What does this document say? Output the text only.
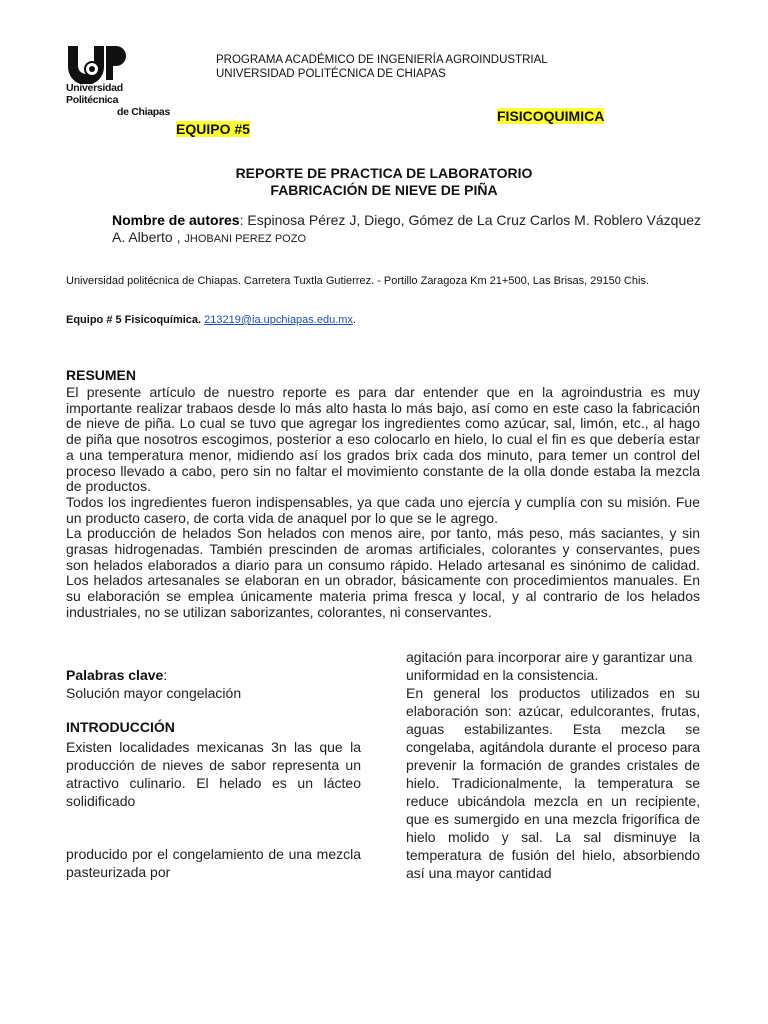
Universidad Politécnica
de Chiapas
PROGRAMA ACADÉMICO DE INGENIERÍA AGROINDUSTRIAL
UNIVERSIDAD POLITÉCNICA DE CHIAPAS
EQUIPO #5
FISICOQUIMICA
REPORTE DE PRACTICA DE LABORATORIO
FABRICACIÓN DE NIEVE DE PIÑA
Nombre de autores: Espinosa Pérez J, Diego, Gómez de La Cruz Carlos M. Roblero Vázquez A. Alberto , JHOBANI PEREZ POZO
Universidad politécnica de Chiapas. Carretera Tuxtla Gutierrez. - Portillo Zaragoza Km 21+500, Las Brisas, 29150 Chis.
Equipo # 5 Fisicoquímica. 213219@ia.upchiapas.edu.mx.
RESUMEN

El presente artículo de nuestro reporte es para dar entender que en la agroindustria es muy importante realizar trabaos desde lo más alto hasta lo más bajo, así como en este caso la fabricación de nieve de piña. Lo cual se tuvo que agregar los ingredientes como azúcar, sal, limón, etc., al hago de piña que nosotros escogimos, posterior a eso colocarlo en hielo, lo cual el fin es que debería estar a una temperatura menor, midiendo así los grados brix cada dos minuto, para temer un control del proceso llevado a cabo, pero sin no faltar el movimiento constante de la olla donde estaba la mezcla de productos.

Todos los ingredientes fueron indispensables, ya que cada uno ejercía y cumplía con su misión. Fue un producto casero, de corta vida de anaquel por lo que se le agrego.

La producción de helados Son helados con menos aire, por tanto, más peso, más saciantes, y sin grasas hidrogenadas. También prescinden de aromas artificiales, colorantes y conservantes, pues son helados elaborados a diario para un consumo rápido. Helado artesanal es sinónimo de calidad. Los helados artesanales se elaboran en un obrador, básicamente con procedimientos manuales. En su elaboración se emplea únicamente materia prima fresca y local, y al contrario de los helados industriales, no se utilizan saborizantes, colorantes, ni conservantes.

Palabras clave:
Solución mayor congelación
INTRODUCCIÓN

Existen localidades mexicanas 3n las que la producción de nieves de sabor representa un atractivo culinario. El helado es un lácteo solidificado

producido por el congelamiento de una mezcla pasteurizada por

agitación para incorporar aire y garantizar una

uniformidad en la consistencia.

En general los productos utilizados en su elaboración son: azúcar, edulcorantes, frutas, aguas estabilizantes. Esta mezcla se congelaba, agitándola durante el proceso para prevenir la formación de grandes cristales de hielo. Tradicionalmente, la temperatura se reduce ubicándola mezcla en un recipiente, que es sumergido en una mezcla frigorífica de hielo molido y sal. La sal disminuye la temperatura de fusión del hielo, absorbiendo así una mayor cantidad
